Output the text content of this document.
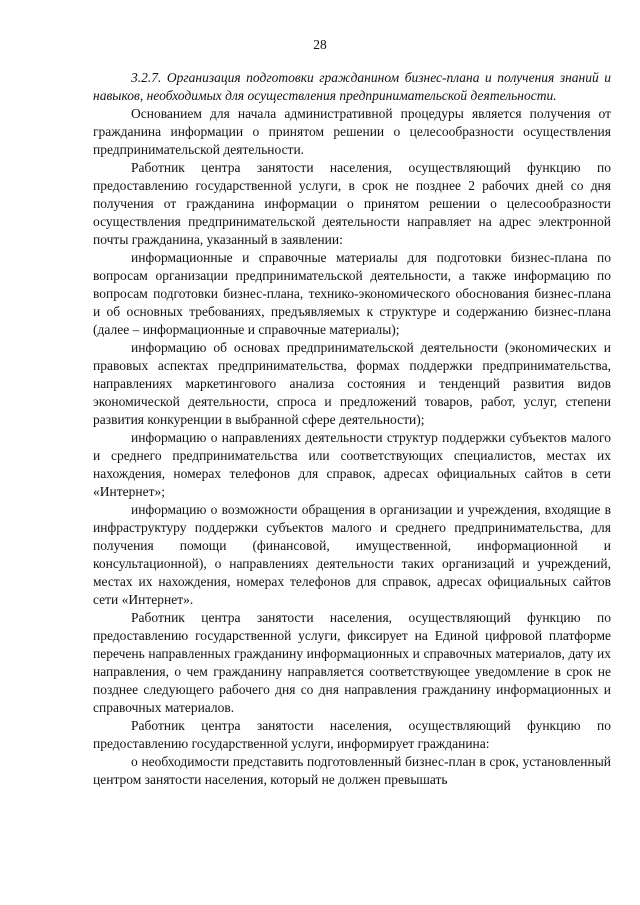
28

3.2.7. Организация подготовки гражданином бизнес-плана и получения знаний и навыков, необходимых для осуществления предпринимательской деятельности.

Основанием для начала административной процедуры является получения от гражданина информации о принятом решении о целесообразности осуществления предпринимательской деятельности.

Работник центра занятости населения, осуществляющий функцию по предоставлению государственной услуги, в срок не позднее 2 рабочих дней со дня получения от гражданина информации о принятом решении о целесообразности осуществления предпринимательской деятельности направляет на адрес электронной почты гражданина, указанный в заявлении:

информационные и справочные материалы для подготовки бизнес-плана по вопросам организации предпринимательской деятельности, а также информацию по вопросам подготовки бизнес-плана, технико-экономического обоснования бизнес-плана и об основных требованиях, предъявляемых к структуре и содержанию бизнес-плана (далее – информационные и справочные материалы);

информацию об основах предпринимательской деятельности (экономических и правовых аспектах предпринимательства, формах поддержки предпринимательства, направлениях маркетингового анализа состояния и тенденций развития видов экономической деятельности, спроса и предложений товаров, работ, услуг, степени развития конкуренции в выбранной сфере деятельности);

информацию о направлениях деятельности структур поддержки субъектов малого и среднего предпринимательства или соответствующих специалистов, местах их нахождения, номерах телефонов для справок, адресах официальных сайтов в сети «Интернет»;

информацию о возможности обращения в организации и учреждения, входящие в инфраструктуру поддержки субъектов малого и среднего предпринимательства, для получения помощи (финансовой, имущественной, информационной и консультационной), о направлениях деятельности таких организаций и учреждений, местах их нахождения, номерах телефонов для справок, адресах официальных сайтов сети «Интернет».

Работник центра занятости населения, осуществляющий функцию по предоставлению государственной услуги, фиксирует на Единой цифровой платформе перечень направленных гражданину информационных и справочных материалов, дату их направления, о чем гражданину направляется соответствующее уведомление в срок не позднее следующего рабочего дня со дня направления гражданину информационных и справочных материалов.

Работник центра занятости населения, осуществляющий функцию по предоставлению государственной услуги, информирует гражданина:

о необходимости представить подготовленный бизнес-план в срок, установленный центром занятости населения, который не должен превышать
